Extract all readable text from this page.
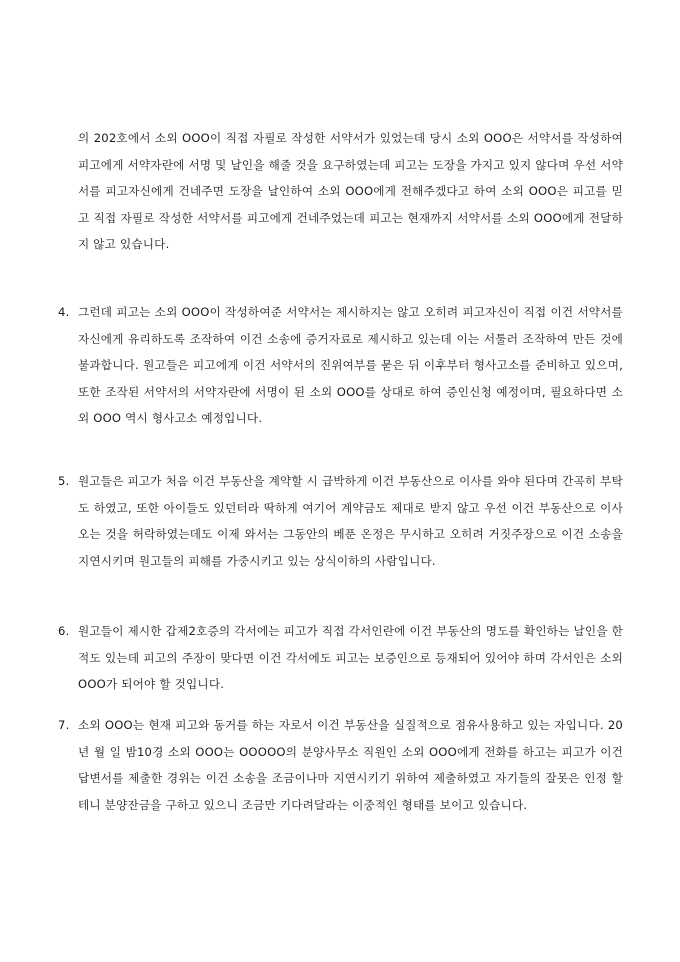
의 202호에서 소외 OOO이 직접 자필로 작성한 서약서가 있었는데 당시 소외 OOO은 서약서를 작성하여 피고에게 서약자란에 서명 및 날인을 해줄 것을 요구하였는데 피고는 도장을 가지고 있지 않다며 우선 서약서를 피고자신에게 건네주면 도장을 날인하여 소외 OOO에게 전해주겠다고 하여 소외 OOO은 피고를 믿고 직접 자필로 작성한 서약서를 피고에게 건네주었는데 피고는 현재까지 서약서를 소외 OOO에게 전달하지 않고 있습니다.
4. 그런데 피고는 소외 OOO이 작성하여준 서약서는 제시하지는 않고 오히려 피고자신이 직접 이건 서약서를 자신에게 유리하도록 조작하여 이건 소송에 증거자료로 제시하고 있는데 이는 서툴러 조작하여 만든 것에 불과합니다. 원고들은 피고에게 이건 서약서의 진위여부를 묻은 뒤 이후부터 형사고소를 준비하고 있으며, 또한 조작된 서약서의 서약자란에 서명이 된 소외 OOO를 상대로 하여 증인신청 예정이며, 필요하다면 소외 OOO 역시 형사고소 예정입니다.
5. 원고들은 피고가 처음 이건 부동산을 계약할 시 급박하게 이건 부동산으로 이사를 와야 된다며 간곡히 부탁도 하였고, 또한 아이들도 있던터라 딱하게 여기어 계약금도 제대로 받지 않고 우선 이건 부동산으로 이사오는 것을 허락하였는데도 이제 와서는 그동안의 베푼 온정은 무시하고 오히려 거짓주장으로 이건 소송을 지연시키며 원고들의 피해를 가중시키고 있는 상식이하의 사람입니다.
6. 원고들이 제시한 갑제2호증의 각서에는 피고가 직접 각서인란에 이건 부동산의 명도를 확인하는 날인을 한 적도 있는데 피고의 주장이 맞다면 이건 각서에도 피고는 보증인으로 등재되어 있어야 하며 각서인은 소외 OOO가 되어야 할 것입니다.
7. 소외 OOO는 현재 피고와 동거를 하는 자로서 이건 부동산을 실질적으로 점유사용하고 있는 자입니다. 20 년 월 일 밤10경 소외 OOO는 OOOOO의 분양사무소 직원인 소외 OOO에게 전화를 하고는 피고가 이건 답변서를 제출한 경위는 이건 소송을 조금이나마 지연시키기 위하여 제출하였고 자기들의 잘못은 인정 할 테니 분양잔금을 구하고 있으니 조금만 기다려달라는 이중적인 형태를 보이고 있습니다.
